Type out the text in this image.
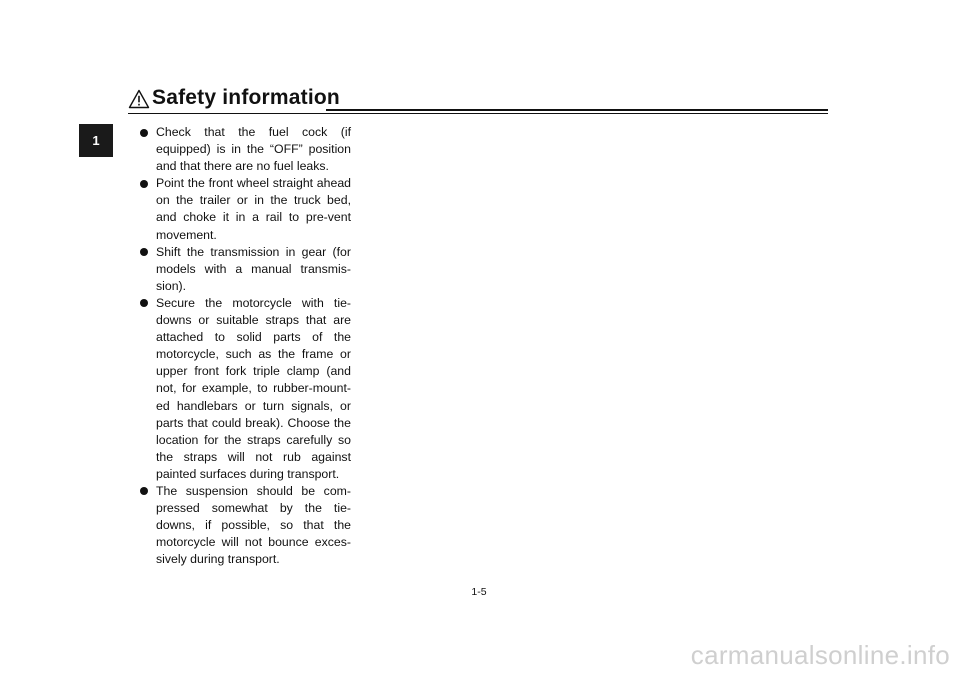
1
Safety information
Check that the fuel cock (if equipped) is in the “OFF” position and that there are no fuel leaks.
Point the front wheel straight ahead on the trailer or in the truck bed, and choke it in a rail to pre-vent movement.
Shift the transmission in gear (for models with a manual transmis-sion).
Secure the motorcycle with tie-downs or suitable straps that are attached to solid parts of the motorcycle, such as the frame or upper front fork triple clamp (and not, for example, to rubber-mount-ed handlebars or turn signals, or parts that could break). Choose the location for the straps carefully so the straps will not rub against painted surfaces during transport.
The suspension should be com-pressed somewhat by the tie-downs, if possible, so that the motorcycle will not bounce exces-sively during transport.
1-5
carmanualsonline.info
